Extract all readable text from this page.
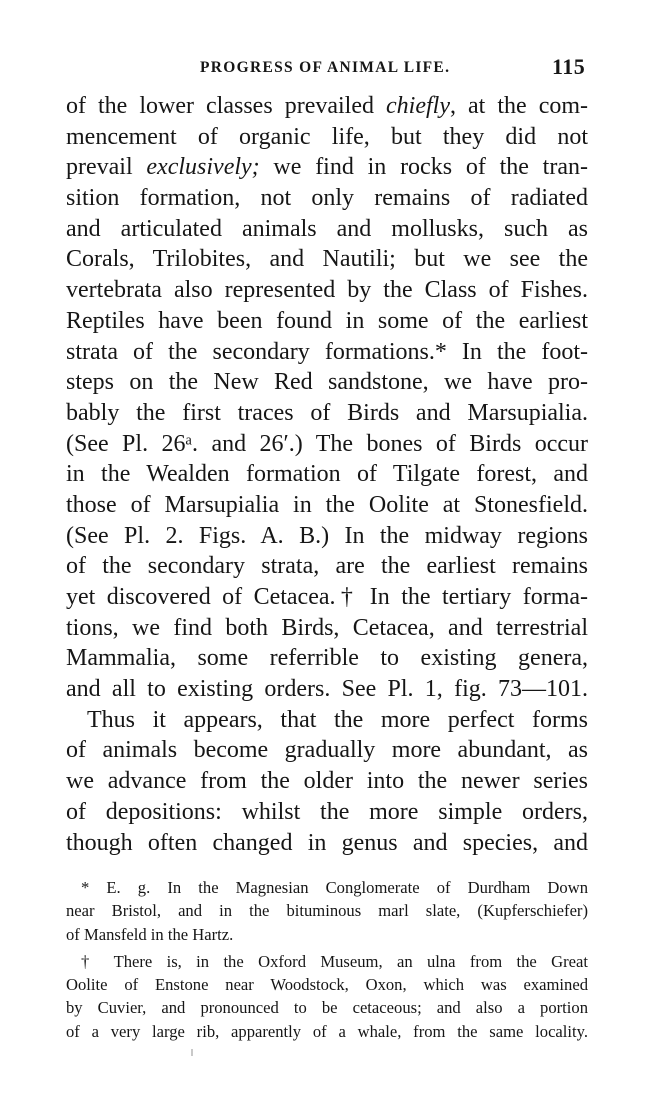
PROGRESS OF ANIMAL LIFE.	115
of the lower classes prevailed chiefly, at the com-
mencement of organic life, but they did not
prevail exclusively; we find in rocks of the tran-
sition formation, not only remains of radiated
and articulated animals and mollusks, such as
Corals, Trilobites, and Nautili; but we see the
vertebrata also represented by the Class of Fishes.
Reptiles have been found in some of the earliest
strata of the secondary formations.* In the foot-
steps on the New Red sandstone, we have pro-
bably the first traces of Birds and Marsupialia.
(See Pl. 26ᵃ. and 26′.) The bones of Birds occur
in the Wealden formation of Tilgate forest, and
those of Marsupialia in the Oolite at Stonesfield.
(See Pl. 2. Figs. A. B.) In the midway regions
of the secondary strata, are the earliest remains
yet discovered of Cetacea.† In the tertiary forma-
tions, we find both Birds, Cetacea, and terrestrial
Mammalia, some referrible to existing genera,
and all to existing orders. See Pl. 1, fig. 73—101.
Thus it appears, that the more perfect forms
of animals become gradually more abundant, as
we advance from the older into the newer series
of depositions: whilst the more simple orders,
though often changed in genus and species, and
* E. g. In the Magnesian Conglomerate of Durdham Down
near Bristol, and in the bituminous marl slate, (Kupferschiefer)
of Mansfeld in the Hartz.
† There is, in the Oxford Museum, an ulna from the Great
Oolite of Enstone near Woodstock, Oxon, which was examined
by Cuvier, and pronounced to be cetaceous; and also a portion
of a very large rib, apparently of a whale, from the same locality.
